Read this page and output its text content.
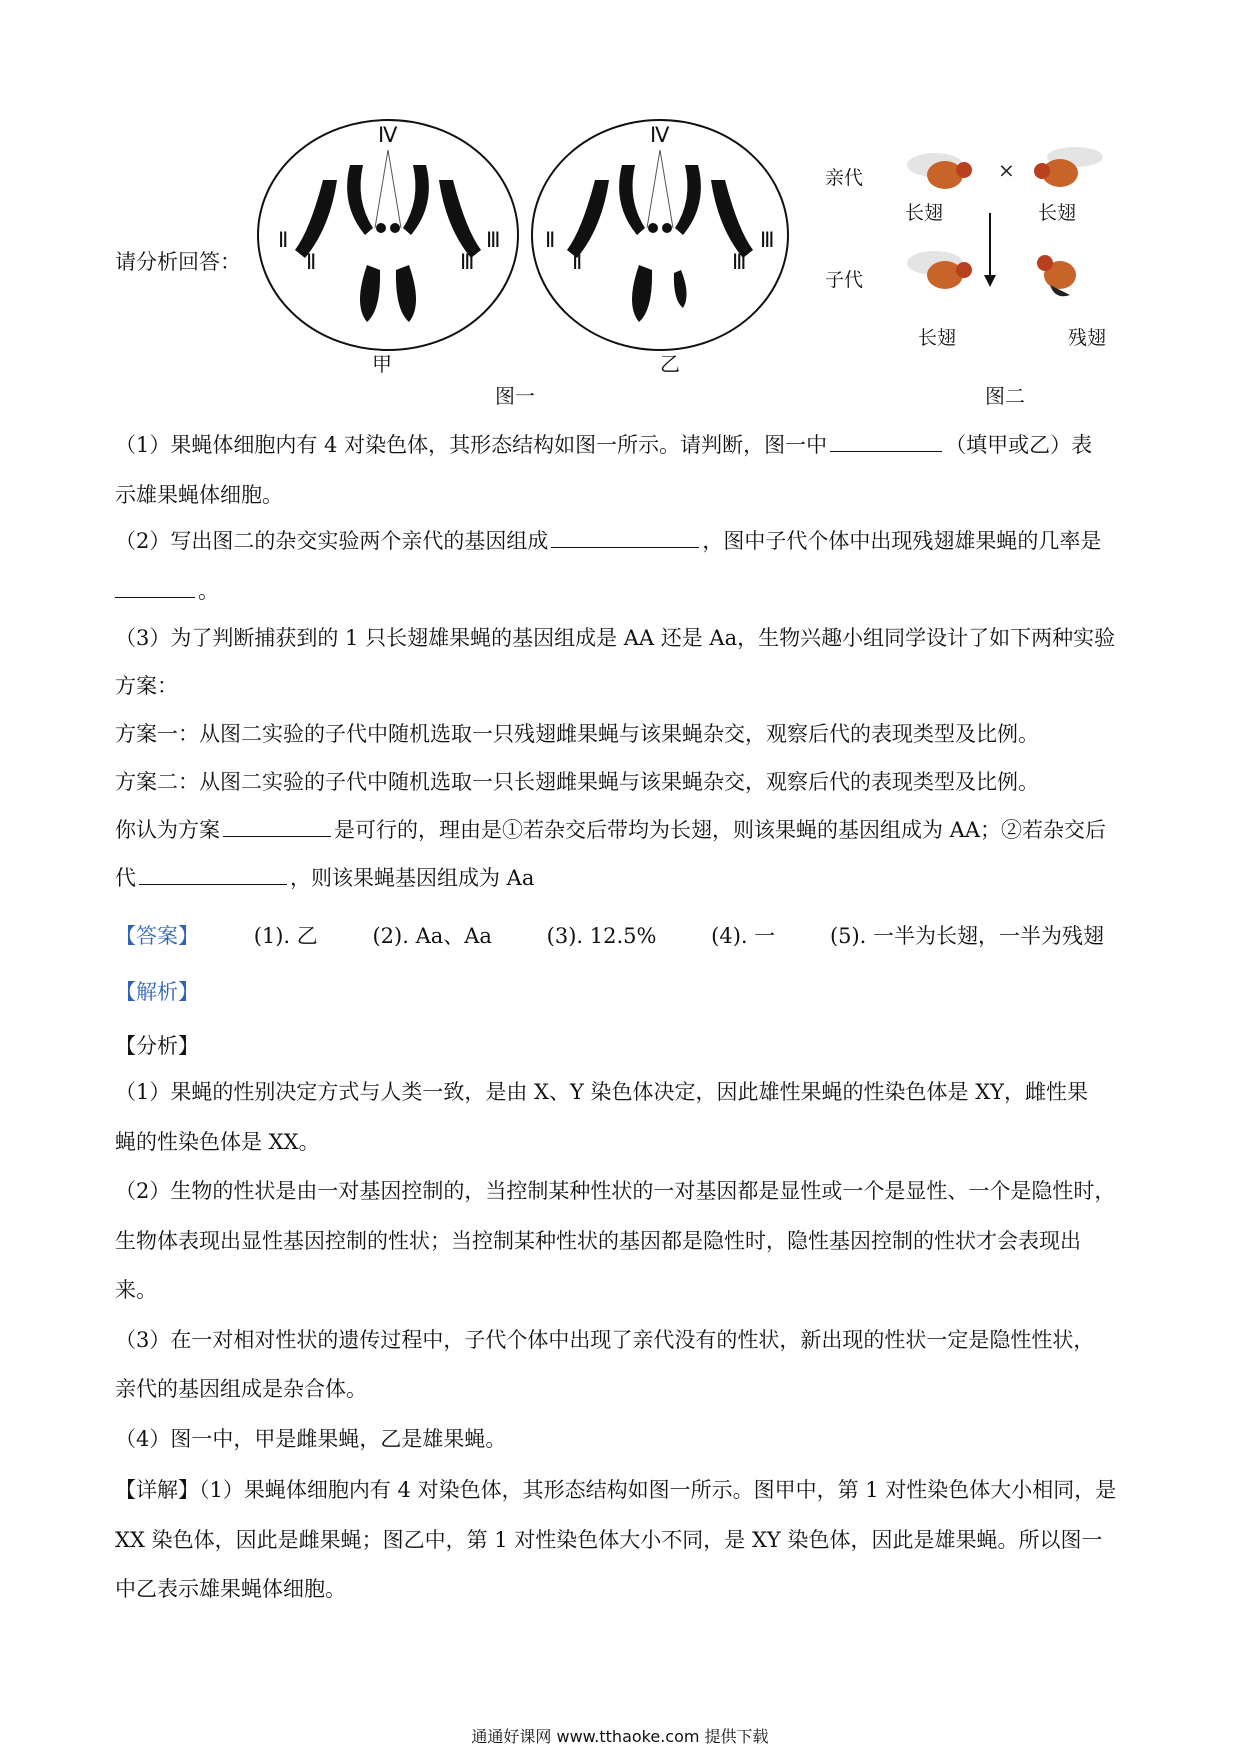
请分析回答：
Ⅳ
Ⅱ
Ⅱ
Ⅲ
Ⅲ
Ⅳ
Ⅱ
Ⅱ
Ⅲ
Ⅲ
甲	乙
图一
亲代
子代
×
长翅	长翅
长翅	残翅
图二
（1）果蝇体细胞内有 4 对染色体，其形态结构如图一所示。请判断，图一中	（填甲或乙）表
示雄果蝇体细胞。
（2）写出图二的杂交实验两个亲代的基因组成	，图中子代个体中出现残翅雄果蝇的几率是
。
（3）为了判断捕获到的 1 只长翅雄果蝇的基因组成是 AA 还是 Aa，生物兴趣小组同学设计了如下两种实验
方案：
方案一：从图二实验的子代中随机选取一只残翅雌果蝇与该果蝇杂交，观察后代的表现类型及比例。
方案二：从图二实验的子代中随机选取一只长翅雌果蝇与该果蝇杂交，观察后代的表现类型及比例。
你认为方案	是可行的，理由是①若杂交后带均为长翅，则该果蝇的基因组成为 AA；②若杂交后
代	，则该果蝇基因组成为 Aa
【答案】	(1). 乙	(2). Aa、Aa	(3). 12.5%	(4). 一	(5). 一半为长翅，一半为残翅
【解析】
【分析】
（1）果蝇的性别决定方式与人类一致，是由 X、Y 染色体决定，因此雄性果蝇的性染色体是 XY，雌性果
蝇的性染色体是 XX。
（2）生物的性状是由一对基因控制的，当控制某种性状的一对基因都是显性或一个是显性、一个是隐性时，
生物体表现出显性基因控制的性状；当控制某种性状的基因都是隐性时，隐性基因控制的性状才会表现出
来。
（3）在一对相对性状的遗传过程中，子代个体中出现了亲代没有的性状，新出现的性状一定是隐性性状，
亲代的基因组成是杂合体。
（4）图一中，甲是雌果蝇，乙是雄果蝇。
【详解】（1）果蝇体细胞内有 4 对染色体，其形态结构如图一所示。图甲中，第 1 对性染色体大小相同，是
XX 染色体，因此是雌果蝇；图乙中，第 1 对性染色体大小不同，是 XY 染色体，因此是雄果蝇。所以图一
中乙表示雄果蝇体细胞。
通通好课网 www.tthaoke.com 提供下载
